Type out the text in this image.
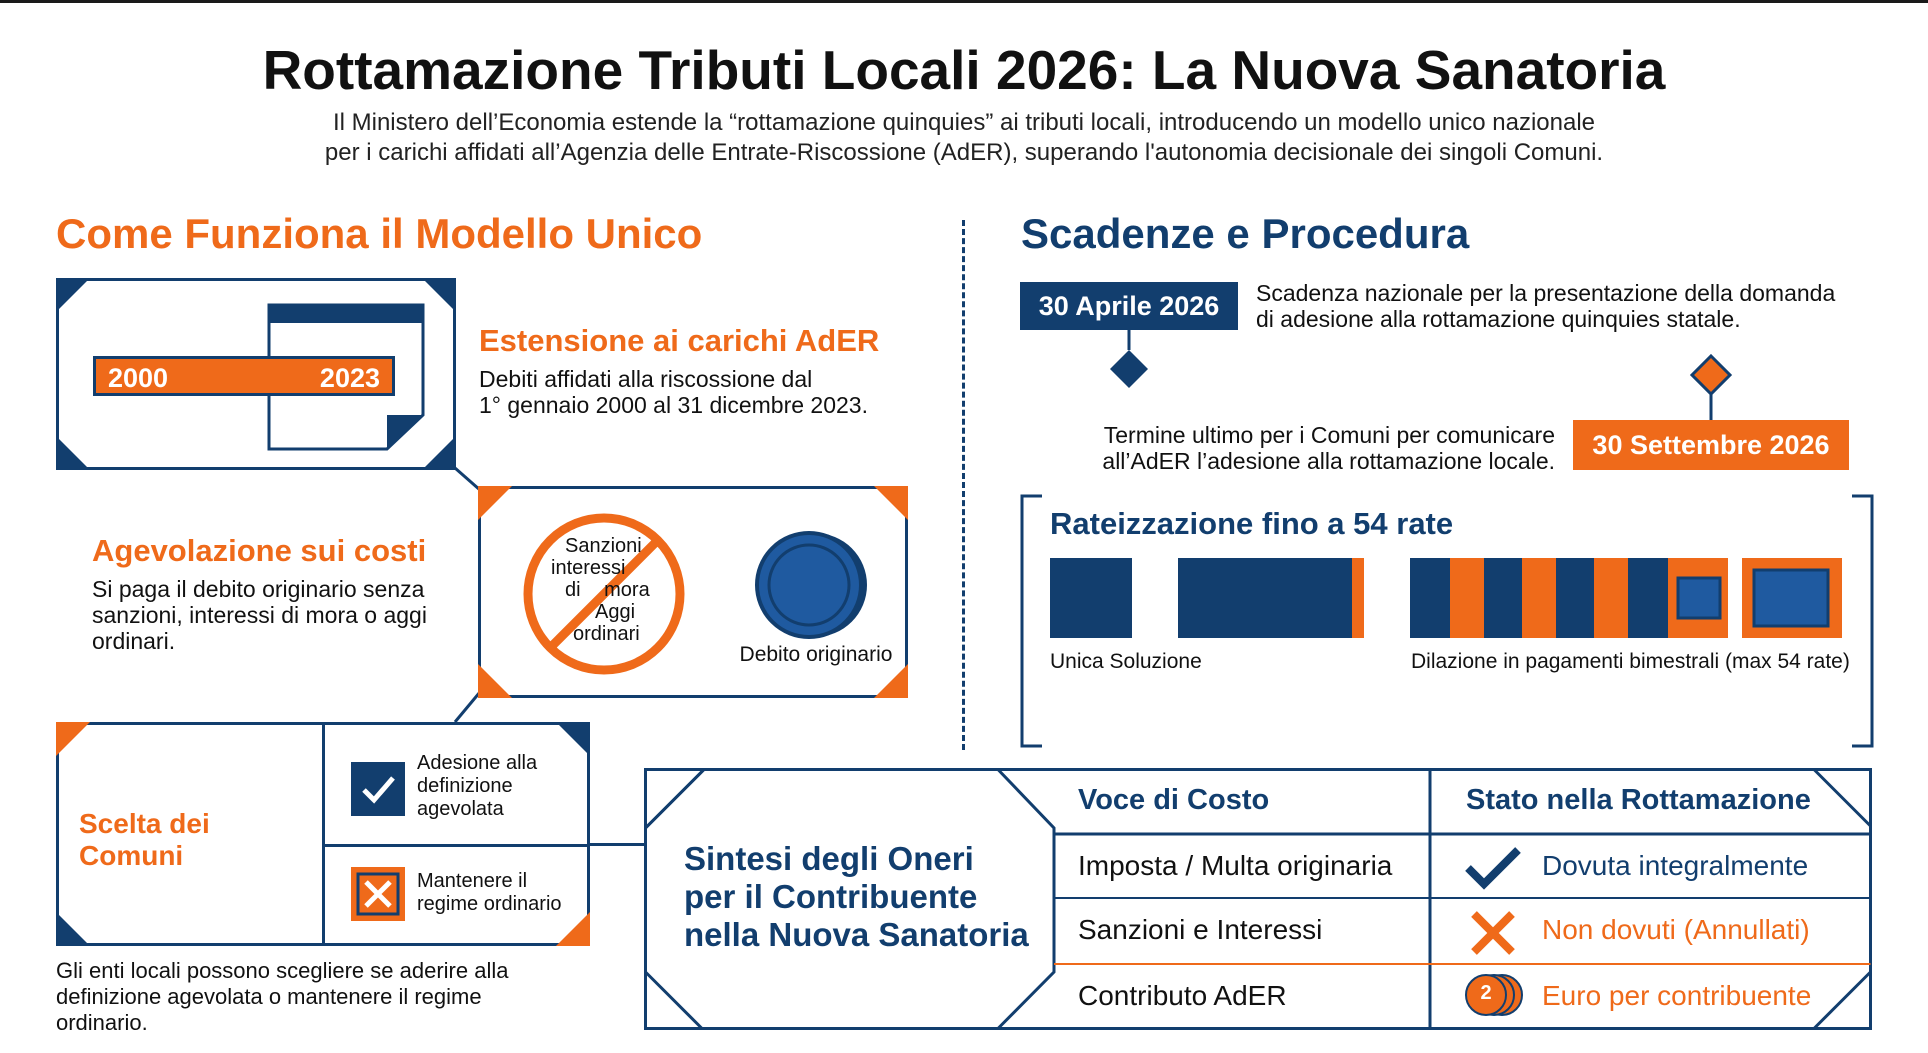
Rottamazione Tributi Locali 2026: La Nuova Sanatoria
Il Ministero dell’Economia estende la “rottamazione quinquies” ai tributi locali, introducendo un modello unico nazionale
per i carichi affidati all’Agenzia delle Entrate-Riscossione (AdER), superando l'autonomia decisionale dei singoli Comuni.
Come Funziona il Modello Unico
2000	2023
Estensione ai carichi AdER
Debiti affidati alla riscossione dal
1° gennaio 2000 al 31 dicembre 2023.
Agevolazione sui costi
Si paga il debito originario senza
sanzioni, interessi di mora o aggi
ordinari.
Sanzioni
interessi
di mora
Aggi
ordinari
Debito originario
Scelta dei
Comuni
Adesione alla
definizione
agevolata
Mantenere il
regime ordinario
Gli enti locali possono scegliere se aderire alla
definizione agevolata o mantenere il regime
ordinario.
Scadenze e Procedura
30 Aprile 2026	Scadenza nazionale per la presentazione della domanda
di adesione alla rottamazione quinquies statale.
30 Settembre 2026
Termine ultimo per i Comuni per comunicare
all’AdER l’adesione alla rottamazione locale.
Rateizzazione fino a 54 rate
Unica Soluzione	Dilazione in pagamenti bimestrali (max 54 rate)
Sintesi degli Oneri
per il Contribuente
nella Nuova Sanatoria
Voce di Costo	Stato nella Rottamazione
Imposta / Multa originaria	Dovuta integralmente
Sanzioni e Interessi	Non dovuti (Annullati)
Contributo AdER	2 Euro per contribuente
